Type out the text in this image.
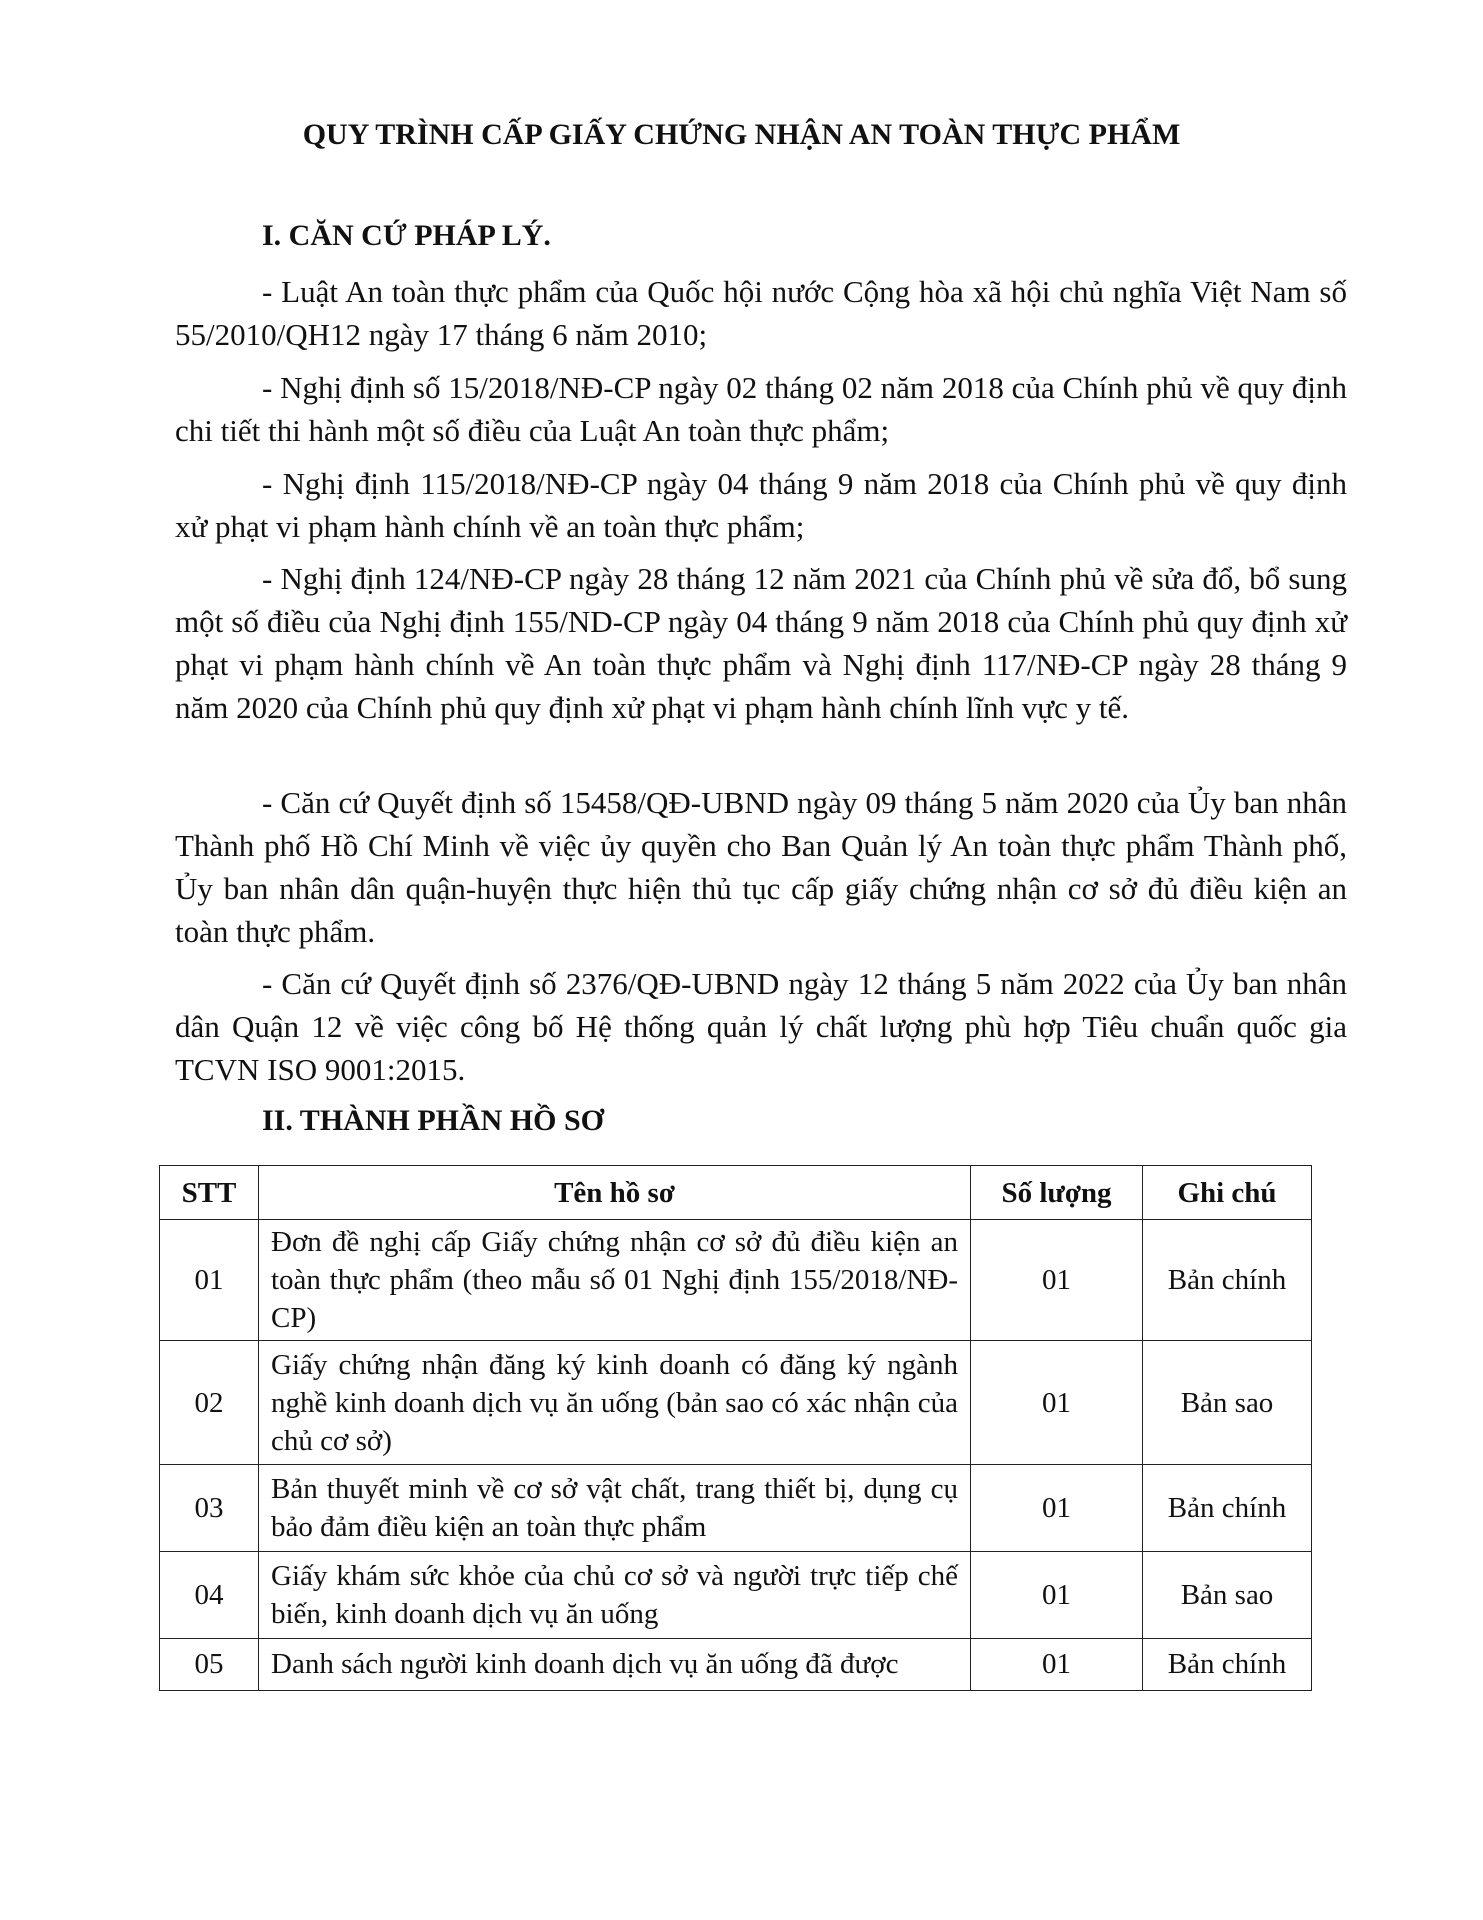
QUY TRÌNH CẤP GIẤY CHỨNG NHẬN AN TOÀN THỰC PHẨM
I. CĂN CỨ PHÁP LÝ.

- Luật An toàn thực phẩm của Quốc hội nước Cộng hòa xã hội chủ nghĩa Việt Nam số 55/2010/QH12 ngày 17 tháng 6 năm 2010;

- Nghị định số 15/2018/NĐ-CP ngày 02 tháng 02 năm 2018 của Chính phủ về quy định chi tiết thi hành một số điều của Luật An toàn thực phẩm;

- Nghị định 115/2018/NĐ-CP ngày 04 tháng 9 năm 2018 của Chính phủ về quy định xử phạt vi phạm hành chính về an toàn thực phẩm;

- Nghị định 124/NĐ-CP ngày 28 tháng 12 năm 2021 của Chính phủ về sửa đổ, bổ sung một số điều của Nghị định 155/ND-CP ngày 04 tháng 9 năm 2018 của Chính phủ quy định xử phạt vi phạm hành chính về An toàn thực phẩm và Nghị định 117/NĐ-CP ngày 28 tháng 9 năm 2020 của Chính phủ quy định xử phạt vi phạm hành chính lĩnh vực y tế.

- Căn cứ Quyết định số 15458/QĐ-UBND ngày 09 tháng 5 năm 2020 của Ủy ban nhân Thành phố Hồ Chí Minh về việc ủy quyền cho Ban Quản lý An toàn thực phẩm Thành phố, Ủy ban nhân dân quận-huyện thực hiện thủ tục cấp giấy chứng nhận cơ sở đủ điều kiện an toàn thực phẩm.

- Căn cứ Quyết định số 2376/QĐ-UBND ngày 12 tháng 5 năm 2022 của Ủy ban nhân dân Quận 12 về việc công bố Hệ thống quản lý chất lượng phù hợp Tiêu chuẩn quốc gia TCVN ISO 9001:2015.

II. THÀNH PHẦN HỒ SƠ
STT	Tên hồ sơ	Số lượng	Ghi chú
01	Đơn đề nghị cấp Giấy chứng nhận cơ sở đủ điều kiện an toàn thực phẩm (theo mẫu số 01 Nghị định 155/2018/NĐ-CP)	01	Bản chính
02	Giấy chứng nhận đăng ký kinh doanh có đăng ký ngành nghề kinh doanh dịch vụ ăn uống (bản sao có xác nhận của chủ cơ sở)	01	Bản sao
03	Bản thuyết minh về cơ sở vật chất, trang thiết bị, dụng cụ bảo đảm điều kiện an toàn thực phẩm	01	Bản chính
04	Giấy khám sức khỏe của chủ cơ sở và người trực tiếp chế biến, kinh doanh dịch vụ ăn uống	01	Bản sao
05	Danh sách người kinh doanh dịch vụ ăn uống đã được	01	Bản chính
